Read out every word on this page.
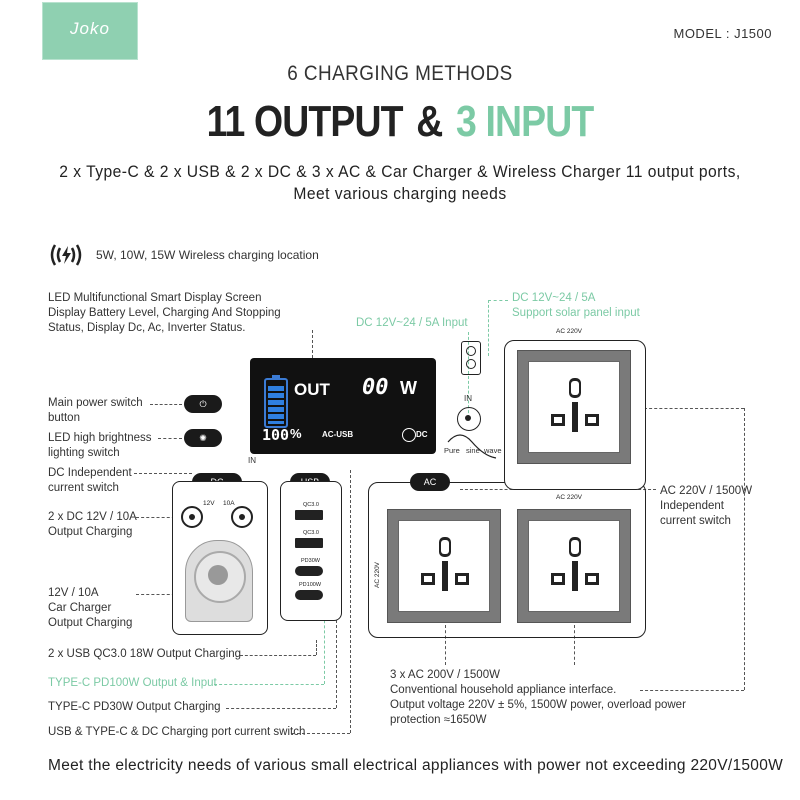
Joko	MODEL : J1500
6 CHARGING METHODS
11 OUTPUT & 3 INPUT
2 x Type-C & 2 x USB & 2 x DC & 3 x AC & Car Charger & Wireless Charger 11 output ports,
Meet various charging needs
5W, 10W, 15W Wireless charging location
LED Multifunctional Smart Display Screen
Display Battery Level, Charging And Stopping
Status, Display Dc, Ac, Inverter Status.	DC 12V~24 / 5A Input
DC 12V~24 / 5A
Support solar panel input
Main power switch
button
⏻
LED high brightness
lighting switch
✺
DC Independent
current switch
2 x DC 12V / 10A
Output Charging
12V / 10A
Car Charger
Output Charging
2 x USB QC3.0 18W Output Charging
TYPE-C PD100W Output & Input
TYPE-C PD30W Output Charging
USB & TYPE-C & DC Charging port current switch
AC 220V / 1500W
Independent
current switch
3 x AC 200V / 1500W
Conventional household appliance interface.
Output voltage 220V ± 5%, 1500W power, overload power
protection ≈1650W
OUT 00 W
100 %	AC-USB	DC
IN
IN
Pure sine wave
12V 10A	QC3.0
QC3.0
PD30W
PD100W
AC
AC 220V
AC 220V
AC 220V
Meet the electricity needs of various small electrical appliances with power not exceeding 220V/1500W
